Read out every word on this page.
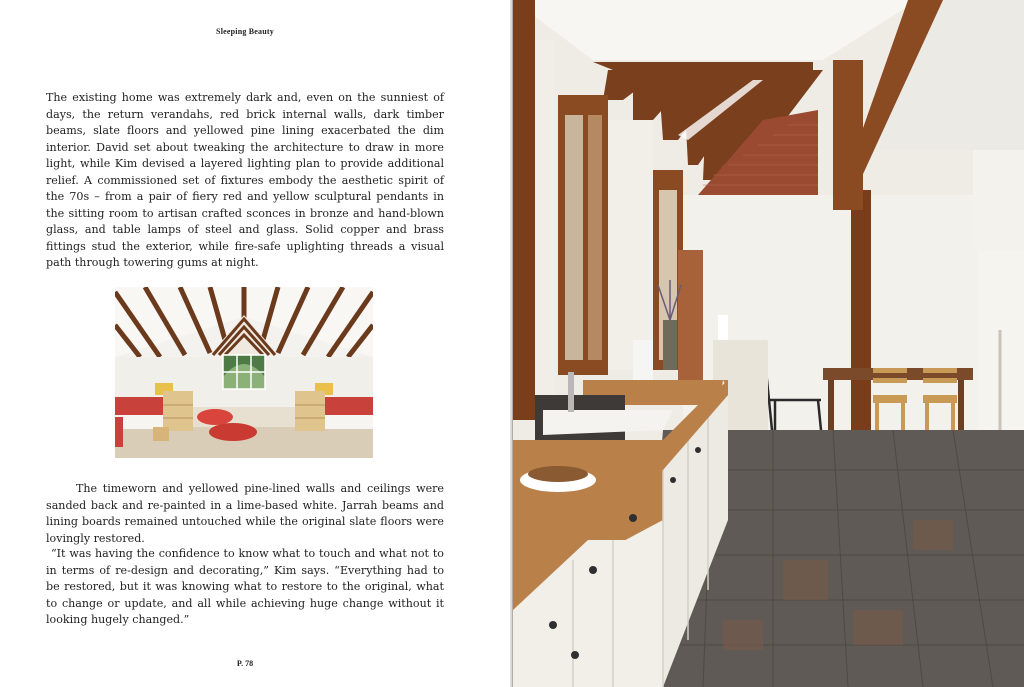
Sleeping Beauty

The existing home was extremely dark and, even on the sunniest of days, the return verandahs, red brick internal walls, dark timber beams, slate floors and yellowed pine lining exacerbated the dim interior. David set about tweaking the architecture to draw in more light, while Kim devised a layered lighting plan to provide additional relief. A commissioned set of fixtures embody the aesthetic spirit of the 70s – from a pair of fiery red and yellow sculptural pendants in the sitting room to artisan crafted sconces in bronze and hand-blown glass, and table lamps of steel and glass. Solid copper and brass fittings stud the exterior, while fire-safe uplighting threads a visual path through towering gums at night.

The timeworn and yellowed pine-lined walls and ceilings were sanded back and re-painted in a lime-based white. Jarrah beams and lining boards remained untouched while the original slate floors were lovingly restored.

“It was having the confidence to know what to touch and what not to in terms of re-design and decorating,” Kim says. “Everything had to be restored, but it was knowing what to restore to the original, what to change or update, and all while achieving huge change without it looking hugely changed.”

P. 78
